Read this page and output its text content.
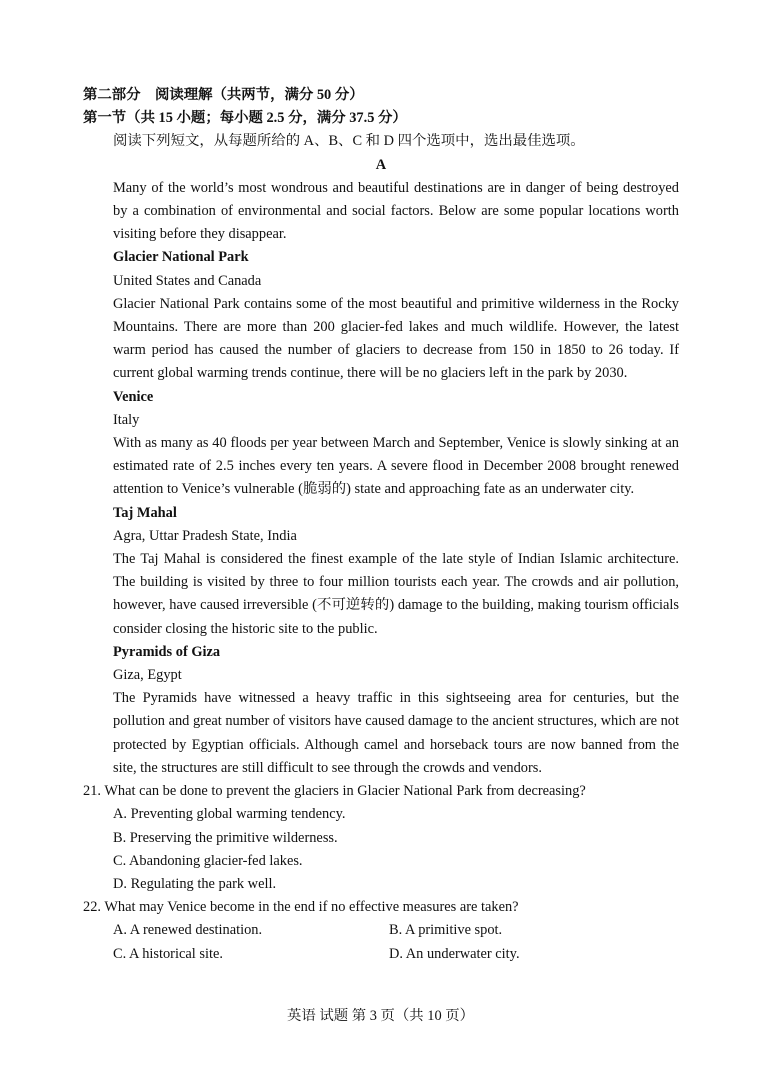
第二部分　阅读理解（共两节，满分 50 分）
第一节（共 15 小题；每小题 2.5 分，满分 37.5 分）
阅读下列短文，从每题所给的 A、B、C 和 D 四个选项中，选出最佳选项。
A

Many of the world’s most wondrous and beautiful destinations are in danger of being destroyed by a combination of environmental and social factors. Below are some popular locations worth visiting before they disappear.

Glacier National Park
United States and Canada

Glacier National Park contains some of the most beautiful and primitive wilderness in the Rocky Mountains. There are more than 200 glacier-fed lakes and much wildlife. However, the latest warm period has caused the number of glaciers to decrease from 150 in 1850 to 26 today. If current global warming trends continue, there will be no glaciers left in the park by 2030.

Venice
Italy

With as many as 40 floods per year between March and September, Venice is slowly sinking at an estimated rate of 2.5 inches every ten years. A severe flood in December 2008 brought renewed attention to Venice’s vulnerable (脆弱的) state and approaching fate as an underwater city.

Taj Mahal
Agra, Uttar Pradesh State, India

The Taj Mahal is considered the finest example of the late style of Indian Islamic architecture. The building is visited by three to four million tourists each year. The crowds and air pollution, however, have caused irreversible (不可逆转的) damage to the building, making tourism officials consider closing the historic site to the public.

Pyramids of Giza
Giza, Egypt

The Pyramids have witnessed a heavy traffic in this sightseeing area for centuries, but the pollution and great number of visitors have caused damage to the ancient structures, which are not protected by Egyptian officials. Although camel and horseback tours are now banned from the site, the structures are still difficult to see through the crowds and vendors.

21. What can be done to prevent the glaciers in Glacier National Park from decreasing?
A. Preventing global warming tendency.
B. Preserving the primitive wilderness.
C. Abandoning glacier-fed lakes.
D. Regulating the park well.
22. What may Venice become in the end if no effective measures are taken?
A. A renewed destination.	B. A primitive spot.
C. A historical site.	D. An underwater city.
英语 试题 第 3 页（共 10 页）
